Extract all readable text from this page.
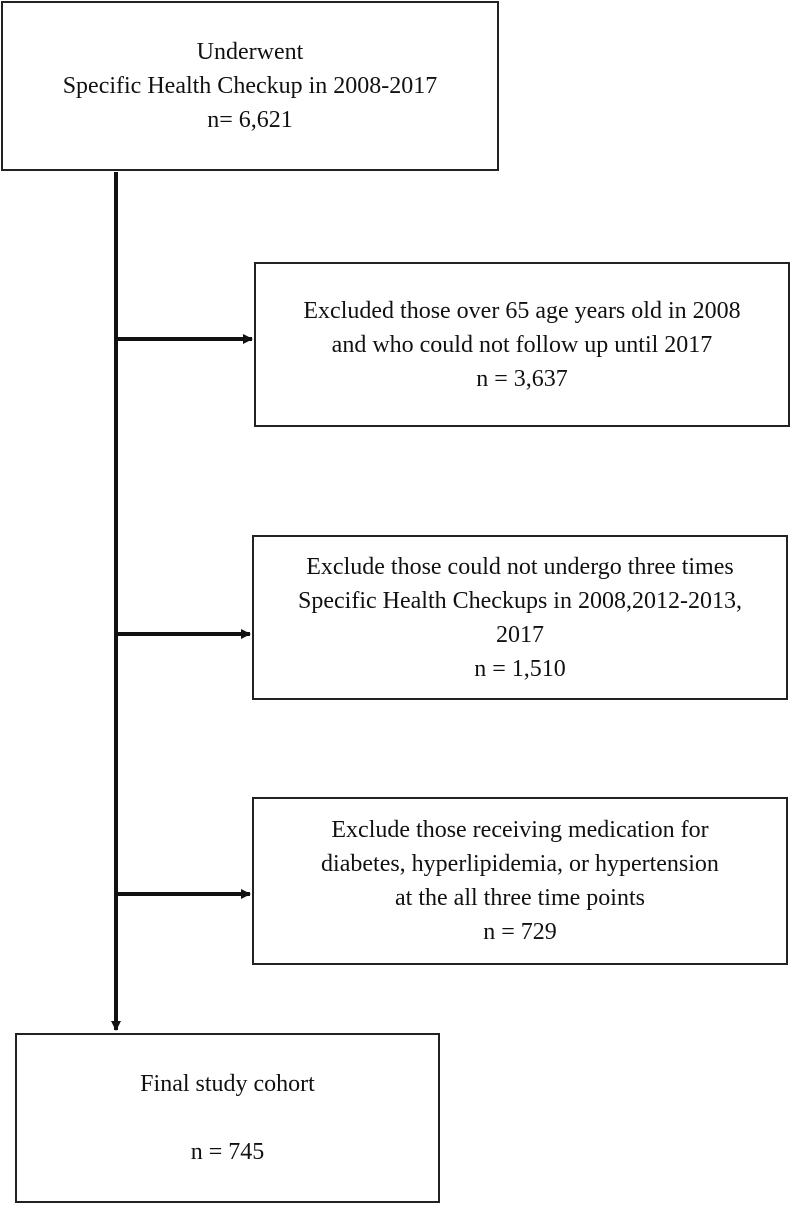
Underwent
Specific Health Checkup in 2008-2017
n= 6,621
Excluded those over 65 age years old in 2008
and who could not follow up until 2017
n = 3,637
Exclude those could not undergo three times
Specific Health Checkups in 2008,2012-2013,
2017
n = 1,510
Exclude those receiving medication for
diabetes, hyperlipidemia, or hypertension
at the all three time points
n = 729
Final study cohort
n = 745
